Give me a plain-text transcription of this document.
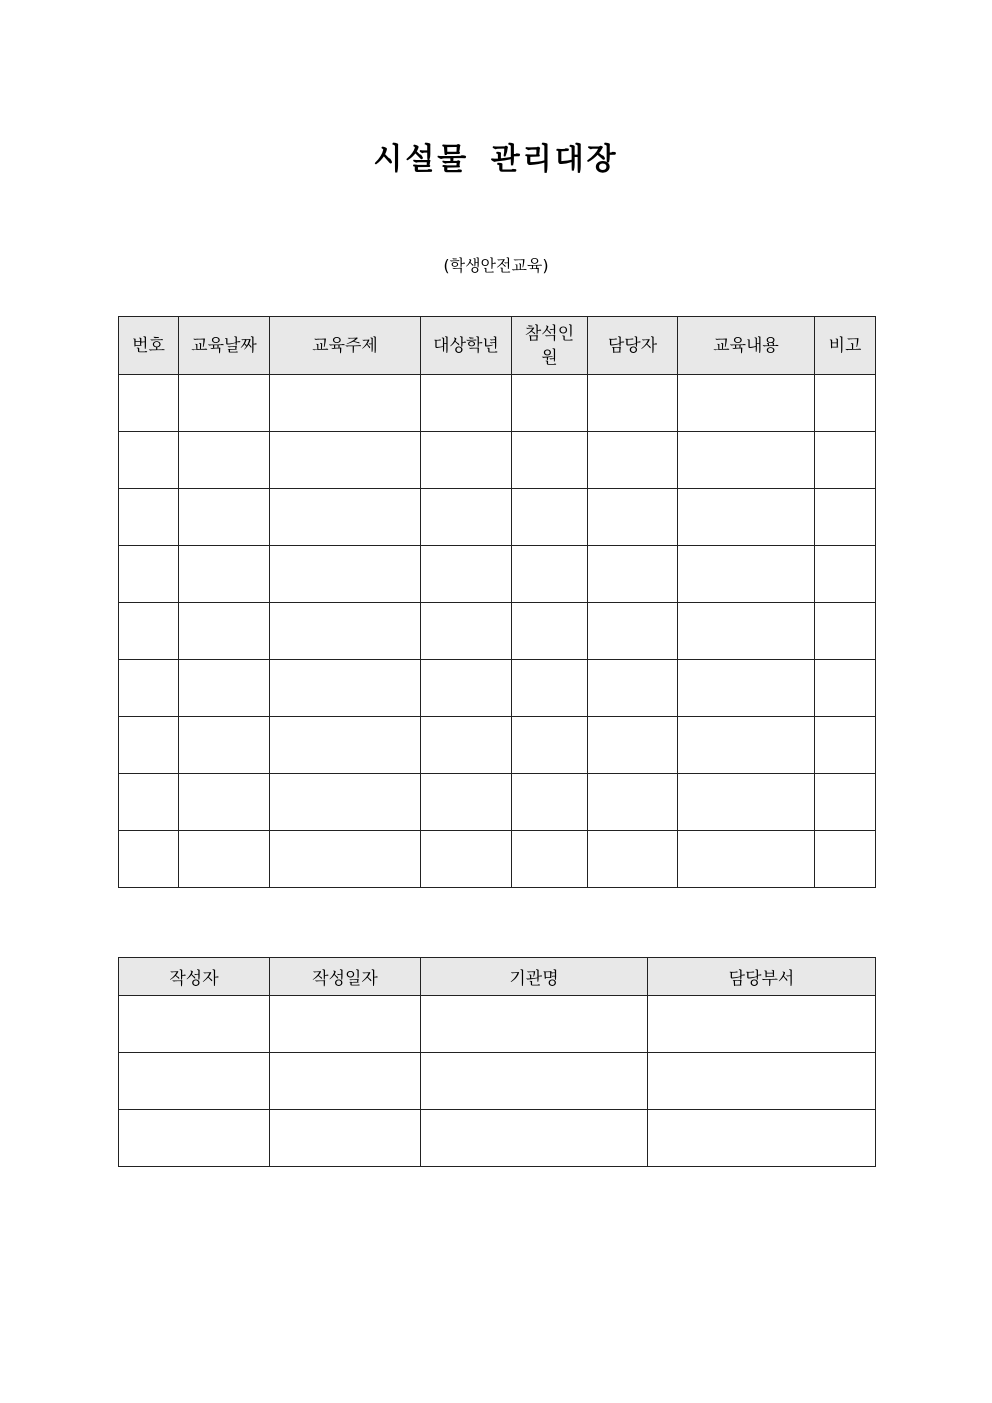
시설물 관리대장
(학생안전교육)
번호	교육날짜	교육주제	대상학년	참석인원	담당자	교육내용	비고

작성자	작성일자	기관명	담당부서
